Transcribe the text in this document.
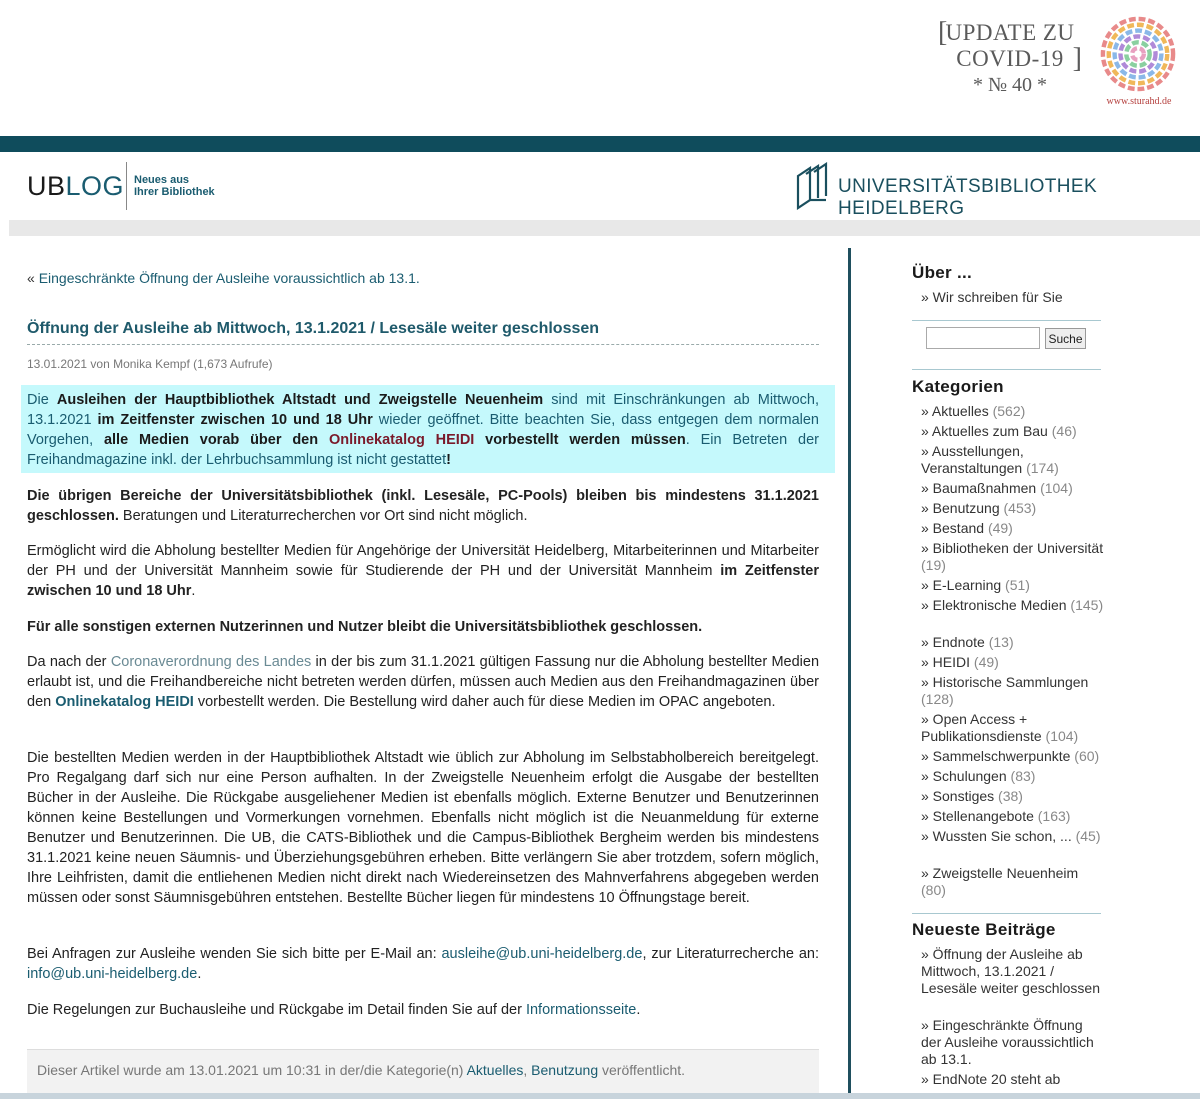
[
UPDATE ZU
COVID-19 ]
* № 40 *
www.sturahd.de
UBLOG Neues aus
Ihrer Bibliothek	UNIVERSITÄTSBIBLIOTHEK HEIDELBERG
« Eingeschränkte Öffnung der Ausleihe voraussichtlich ab 13.1.
Öffnung der Ausleihe ab Mittwoch, 13.1.2021 / Lesesäle weiter geschlossen
13.01.2021 von Monika Kempf (1,673 Aufrufe)
Die Ausleihen der Hauptbibliothek Altstadt und Zweigstelle Neuenheim sind mit Einschränkungen ab Mittwoch, 13.1.2021 im Zeitfenster zwischen 10 und 18 Uhr wieder geöffnet. Bitte beachten Sie, dass entgegen dem normalen Vorgehen, alle Medien vorab über den Onlinekatalog HEIDI vorbestellt werden müssen. Ein Betreten der Freihandmagazine inkl. der Lehrbuchsammlung ist nicht gestattet!
Die übrigen Bereiche der Universitätsbibliothek (inkl. Lesesäle, PC-Pools) bleiben bis mindestens 31.1.2021 geschlossen. Beratungen und Literaturrecherchen vor Ort sind nicht möglich.
Ermöglicht wird die Abholung bestellter Medien für Angehörige der Universität Heidelberg, Mitarbeiterinnen und Mitarbeiter der PH und der Universität Mannheim sowie für Studierende der PH und der Universität Mannheim im Zeitfenster zwischen 10 und 18 Uhr.
Für alle sonstigen externen Nutzerinnen und Nutzer bleibt die Universitätsbibliothek geschlossen.
Da nach der Coronaverordnung des Landes in der bis zum 31.1.2021 gültigen Fassung nur die Abholung bestellter Medien erlaubt ist, und die Freihandbereiche nicht betreten werden dürfen, müssen auch Medien aus den Freihandmagazinen über den Onlinekatalog HEIDI vorbestellt werden. Die Bestellung wird daher auch für diese Medien im OPAC angeboten.
Die bestellten Medien werden in der Hauptbibliothek Altstadt wie üblich zur Abholung im Selbstabholbereich bereitgelegt. Pro Regalgang darf sich nur eine Person aufhalten. In der Zweigstelle Neuenheim erfolgt die Ausgabe der bestellten Bücher in der Ausleihe. Die Rückgabe ausgeliehener Medien ist ebenfalls möglich. Externe Benutzer und Benutzerinnen können keine Bestellungen und Vormerkungen vornehmen. Ebenfalls nicht möglich ist die Neuanmeldung für externe Benutzer und Benutzerinnen. Die UB, die CATS-Bibliothek und die Campus-Bibliothek Bergheim werden bis mindestens 31.1.2021 keine neuen Säumnis- und Überziehungsgebühren erheben. Bitte verlängern Sie aber trotzdem, sofern möglich, Ihre Leihfristen, damit die entliehenen Medien nicht direkt nach Wiedereinsetzen des Mahnverfahrens abgegeben werden müssen oder sonst Säumnisgebühren entstehen. Bestellte Bücher liegen für mindestens 10 Öffnungstage bereit.
Bei Anfragen zur Ausleihe wenden Sie sich bitte per E-Mail an: ausleihe@ub.uni-heidelberg.de, zur Literaturrecherche an: info@ub.uni-heidelberg.de.
Die Regelungen zur Buchausleihe und Rückgabe im Detail finden Sie auf der Informationsseite.
Dieser Artikel wurde am 13.01.2021 um 10:31 in der/die Kategorie(n) Aktuelles, Benutzung veröffentlicht.
Über ...
» Wir schreiben für Sie
Suche
Kategorien
» Aktuelles (562)
» Aktuelles zum Bau (46)
» Ausstellungen, Veranstaltungen (174)
» Baumaßnahmen (104)
» Benutzung (453)
» Bestand (49)
» Bibliotheken der Universität (19)
» E-Learning (51)
» Elektronische Medien (145)
» Endnote (13)
» HEIDI (49)
» Historische Sammlungen (128)
» Open Access + Publikationsdienste (104)
» Sammelschwerpunkte (60)
» Schulungen (83)
» Sonstiges (38)
» Stellenangebote (163)
» Wussten Sie schon, ... (45)
» Zweigstelle Neuenheim (80)
Neueste Beiträge
» Öffnung der Ausleihe ab Mittwoch, 13.1.2021 / Lesesäle weiter geschlossen
» Eingeschränkte Öffnung der Ausleihe voraussichtlich ab 13.1.
» EndNote 20 steht ab
